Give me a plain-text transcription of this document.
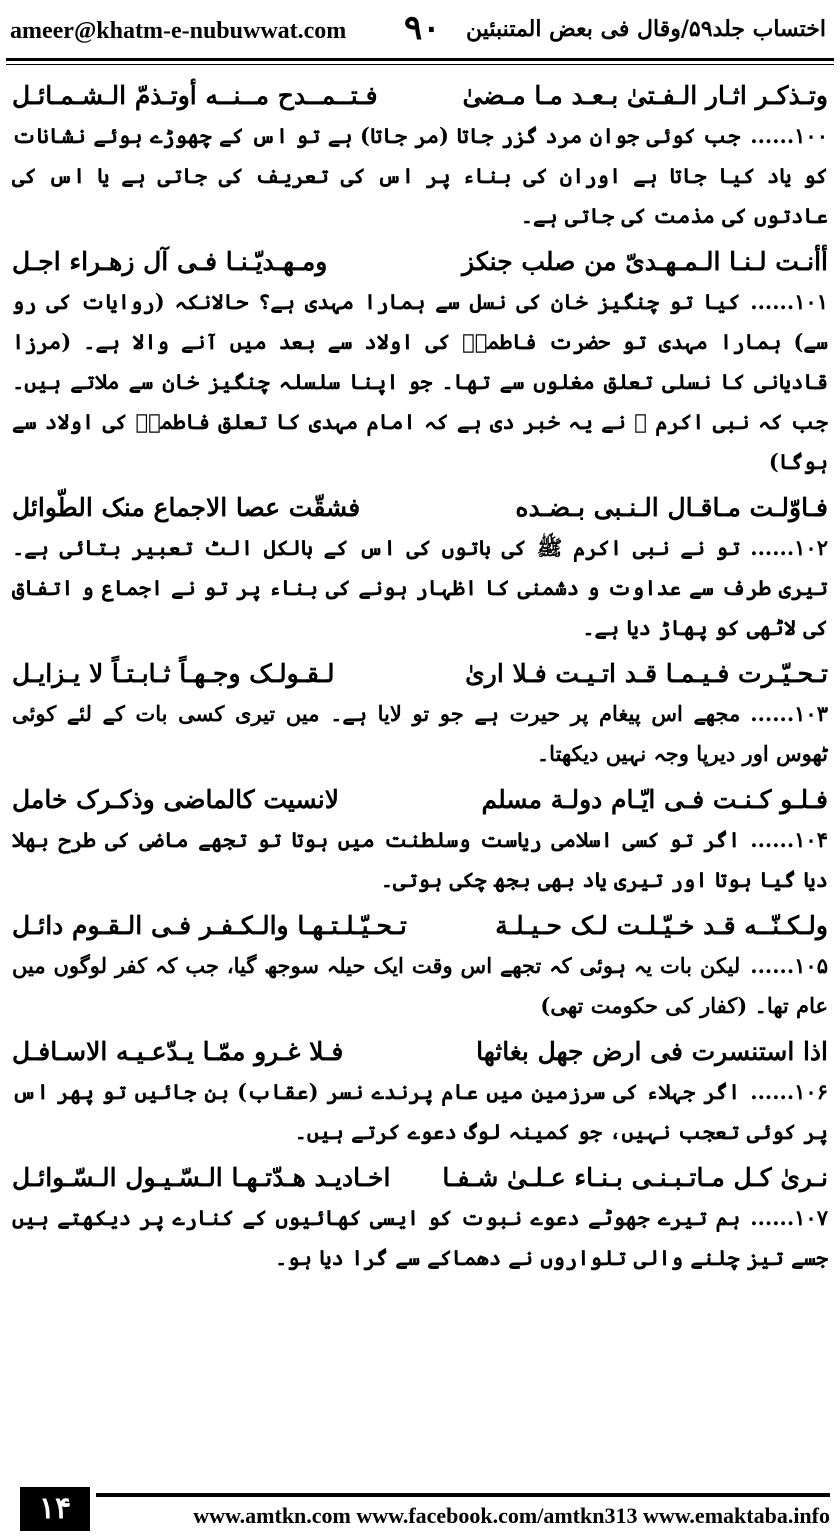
ameer@khatm-e-nubuwwat.com ۹۰ اختساب جلد۵۹/وقال فی بعض المتنبئین
وتـذكـر اثـار الـفـتىٰ بـعـد مـا مـضىٰ
فـتــمــدح مــنــه أوتـذمّ الـشـمـائـل
۱۰۰......جب کوئی جوان مرد گزر جاتا (مر جاتا) ہے تو اس کے چھوڑے ہوئے نشانات کو یاد کیا جاتا ہے اوران کی بناء پر اس کی تعریف کی جاتی ہے یا اس کی عادتوں کی مذمت کی جاتی ہے۔
أأنـت لـنـا الـمـهـدىّ من صلب جنكز
ومـهـديّـنـا فـى آل زهـراء اجـل
۱۰۱......کیا تو چنگیز خان کی نسل سے ہمارا مہدی ہے؟ حالانکہ (روایات کی رو سے) ہمارا مہدی تو حضرت فاطمہؓ کی اولاد سے بعد میں آنے والا ہے۔ (مرزا قادیانی کا نسلی تعلق مغلوں سے تھا۔ جو اپنا سلسلہ چنگیز خان سے ملاتے ہیں۔ جب کہ نبی اکرم ﷺ نے یہ خبر دی ہے کہ امام مہدی کا تعلق فاطمہؓ کی اولاد سے ہوگا)
فـاوّلـت مـاقـال الـنـبى بـضـده
فشقّت عصا الاجماع منک الطّوائل
۱۰۲......تو نے نبی اکرم ﷺ کی باتوں کی اس کے بالکل الٹ تعبیر بتائی ہے۔ تیری طرف سے عداوت و دشمنی کا اظہار ہونے کی بناء پر تو نے اجماع و اتفاق کی لاٹھی کو پھاڑ دیا ہے۔
تـحـيّـرت فـيـمـا قـد اتـيـت فـلا ارىٰ
لـقـولـک وجـهـاً ثـابـتـاً لا يـزايـل
۱۰۳......مجھے اس پیغام پر حیرت ہے جو تو لایا ہے۔ میں تیری کسی بات کے لئے کوئی ٹھوس اور دیرپا وجہ نہیں دیکھتا۔
فـلـو كـنـت فـى ايّـام دولـة مسلم
لانسيت كالماضى وذكـرک خامل
۱۰۴......اگر تو کسی اسلامی ریاست وسلطنت میں ہوتا تو تجھے ماضی کی طرح بھلا دیا گیا ہوتا اور تیری یاد بھی بجھ چکی ہوتی۔
ولـكـنّــه قـد خـيّـلـت لـک حـيـلـة
تـحـيّـلـتـهـا والـكـفـر فـى الـقـوم دائـل
۱۰۵......لیکن بات یہ ہوئی کہ تجھے اس وقت ایک حیلہ سوجھ گیا، جب کہ کفر لوگوں میں عام تھا۔ (کفار کی حکومت تھی)
اذا استنسرت فى ارض جهل بغاثها
فـلا غـرو ممّـا يـدّعـيـه الاسـافـل
۱۰۶......اگر جہلاء کی سرزمین میں عام پرندے نسر (عقاب) بن جائیں تو پھر اس پر کوئی تعجب نہیں، جو کمینہ لوگ دعوے کرتے ہیں۔
نـرىٰ كـل مـاتـبـنـى بـنـاء عـلـىٰ شـفـا
اخـاديـد هـدّتـهـا الـسّـيـول الـسّـوائـل
۱۰۷......ہم تیرے جھوٹے دعوے نبوت کو ایسی کھائیوں کے کنارے پر دیکھتے ہیں جسے تیز چلنے والی تلواروں نے دھماکے سے گرا دیا ہو۔
۱۴	www.amtkn.com www.facebook.com/amtkn313 www.emaktaba.info
